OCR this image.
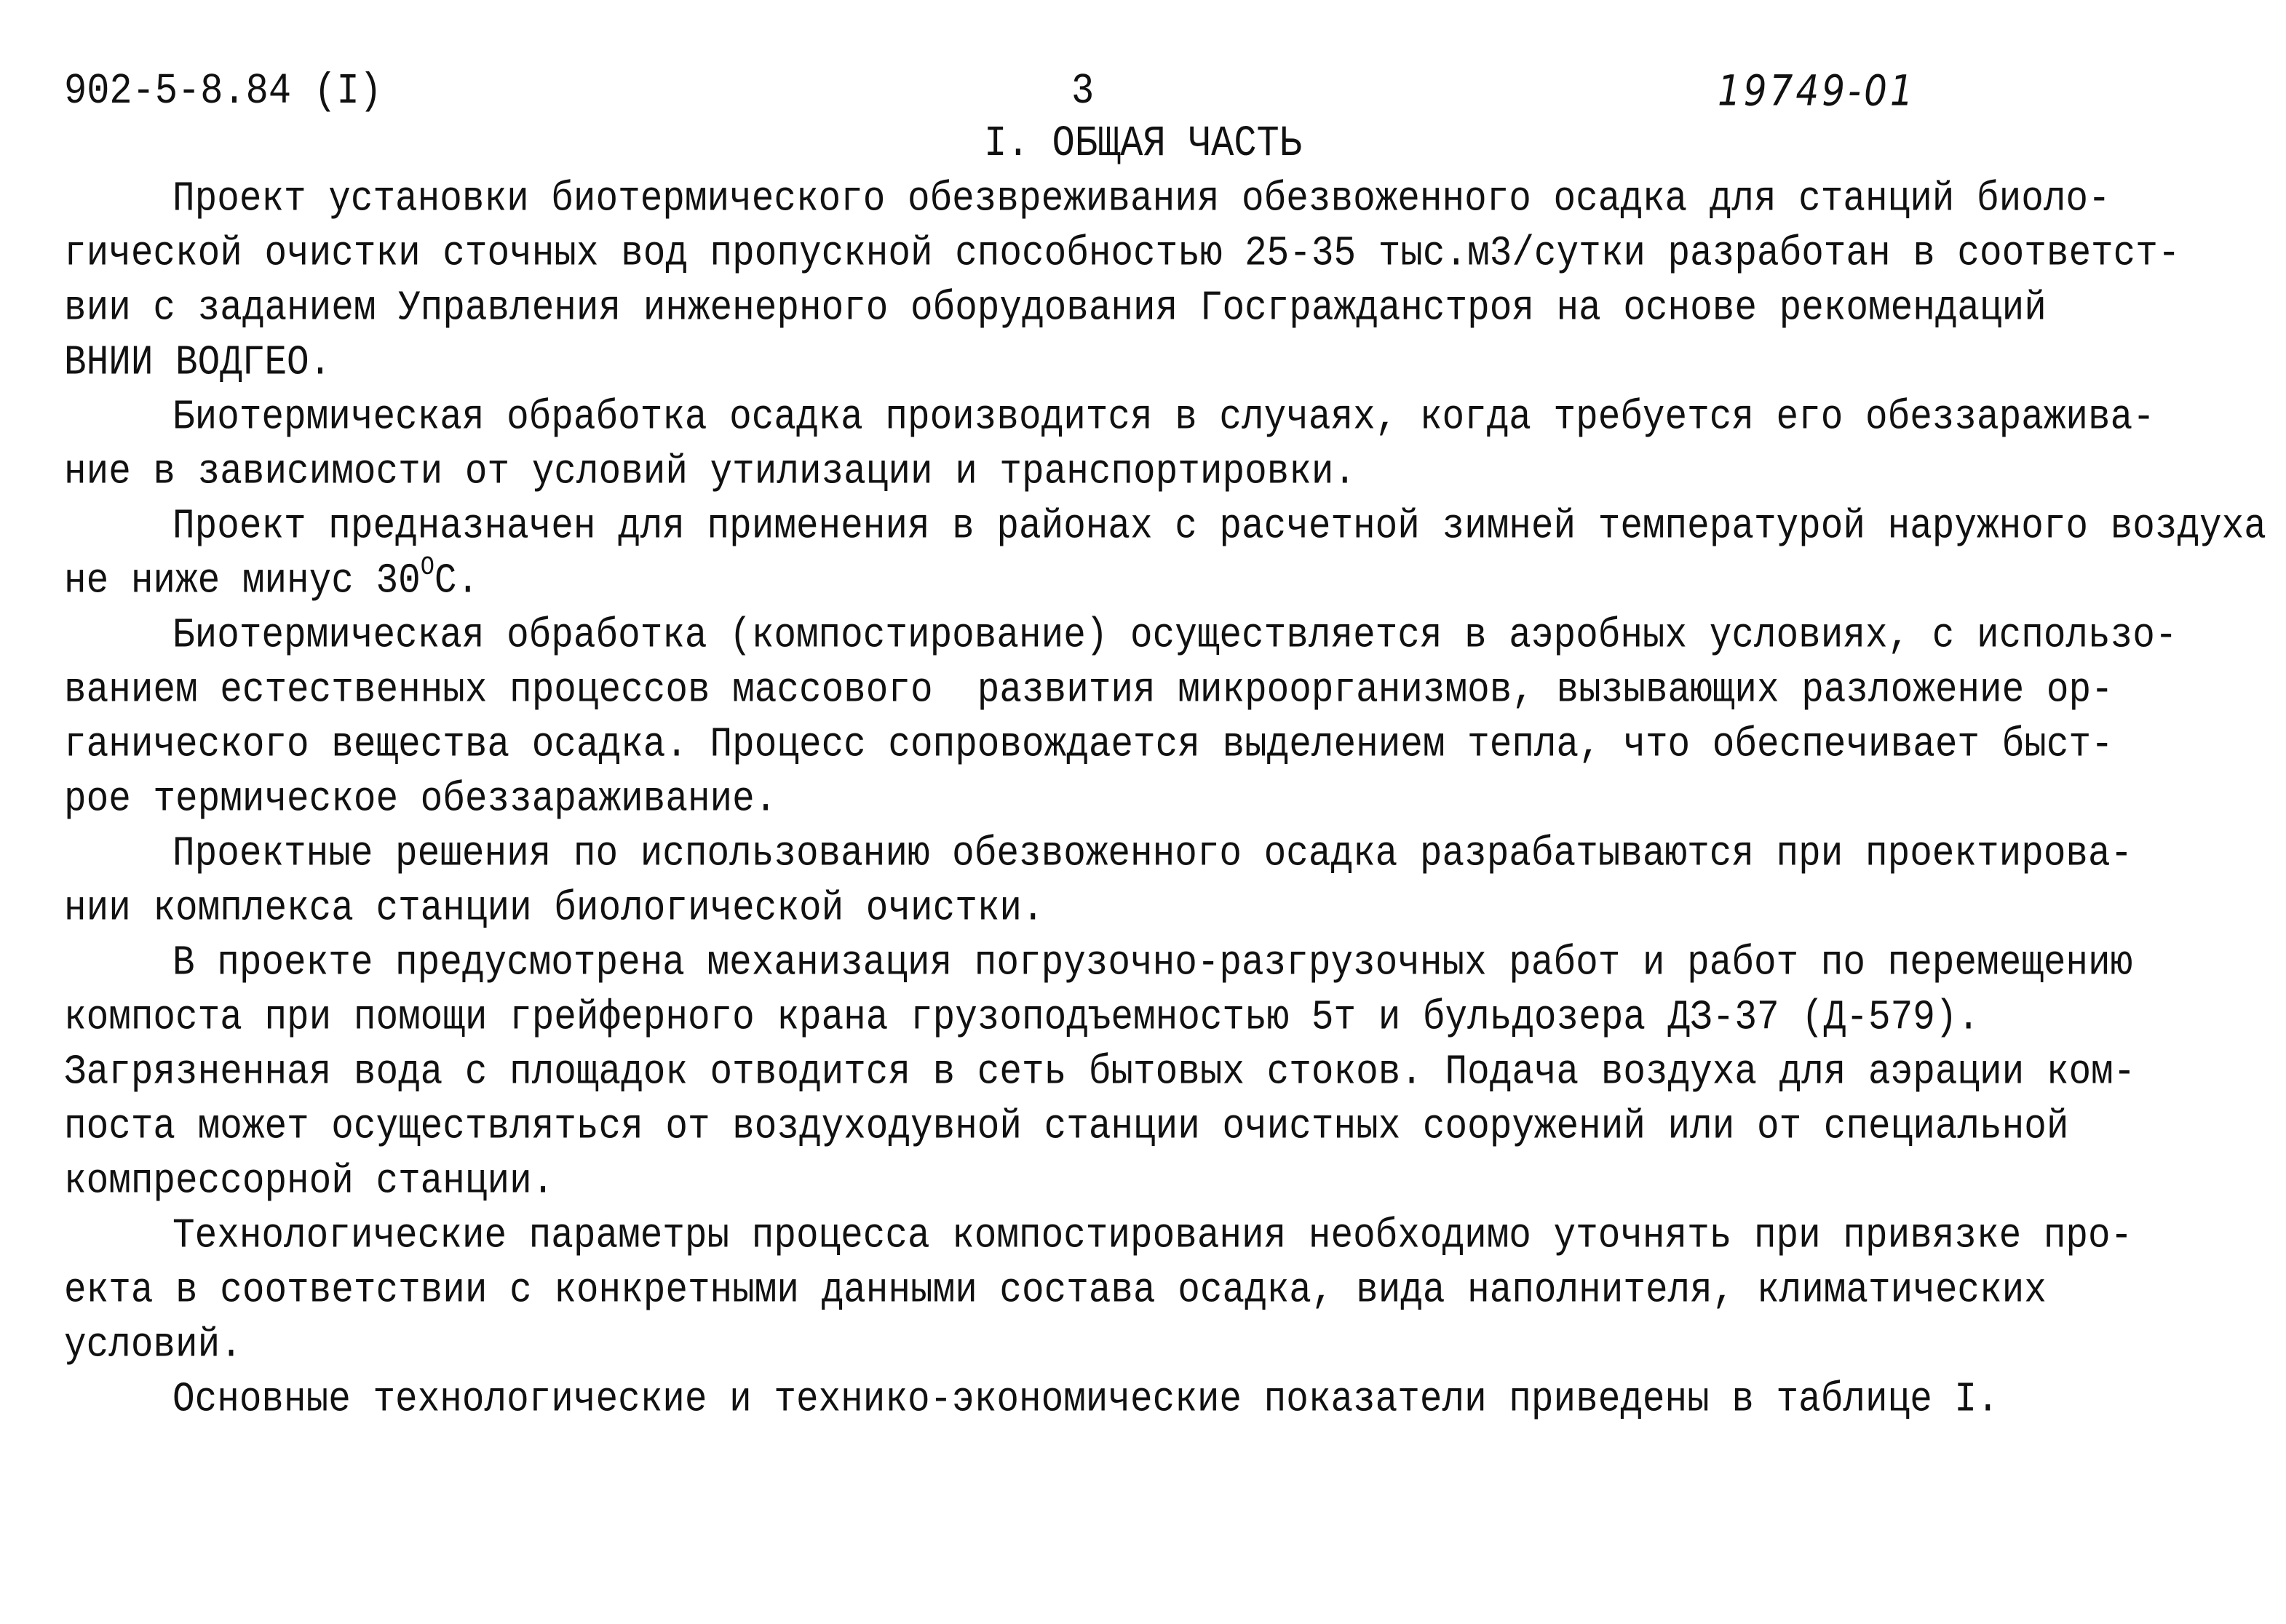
902-5-8.84 (I)	3	19749-01
I. ОБЩАЯ ЧАСТЬ
Проект установки биотермического обезвреживания обезвоженного осадка для станций биоло-
гической очистки сточных вод пропускной способностью 25-35 тыс.м3/сутки разработан в соответст-
вии с заданием Управления инженерного оборудования Госгражданстроя на основе рекомендаций
ВНИИ ВОДГЕО.
Биотермическая обработка осадка производится в случаях, когда требуется его обеззаражива-
ние в зависимости от условий утилизации и транспортировки.
Проект предназначен для применения в районах с расчетной зимней температурой наружного воздуха
не ниже минус $30^ОС$.
Биотермическая обработка (компостирование) осуществляется в аэробных условиях, с использо-
ванием естественных процессов массового  развития микроорганизмов, вызывающих разложение ор-
ганического вещества осадка. Процесс сопровождается выделением тепла, что обеспечивает быст-
рое термическое обеззараживание.
Проектные решения по использованию обезвоженного осадка разрабатываются при проектирова-
нии комплекса станции биологической очистки.
В проекте предусмотрена механизация погрузочно-разгрузочных работ и работ по перемещению
компоста при помощи грейферного крана грузоподъемностью 5т и бульдозера ДЗ-37 (Д-579).
Загрязненная вода с площадок отводится в сеть бытовых стоков. Подача воздуха для аэрации ком-
поста может осуществляться от воздуходувной станции очистных сооружений или от специальной
компрессорной станции.
Технологические параметры процесса компостирования необходимо уточнять при привязке про-
екта в соответствии с конкретными данными состава осадка, вида наполнителя, климатических
условий.
Основные технологические и технико-экономические показатели приведены в таблице I.
